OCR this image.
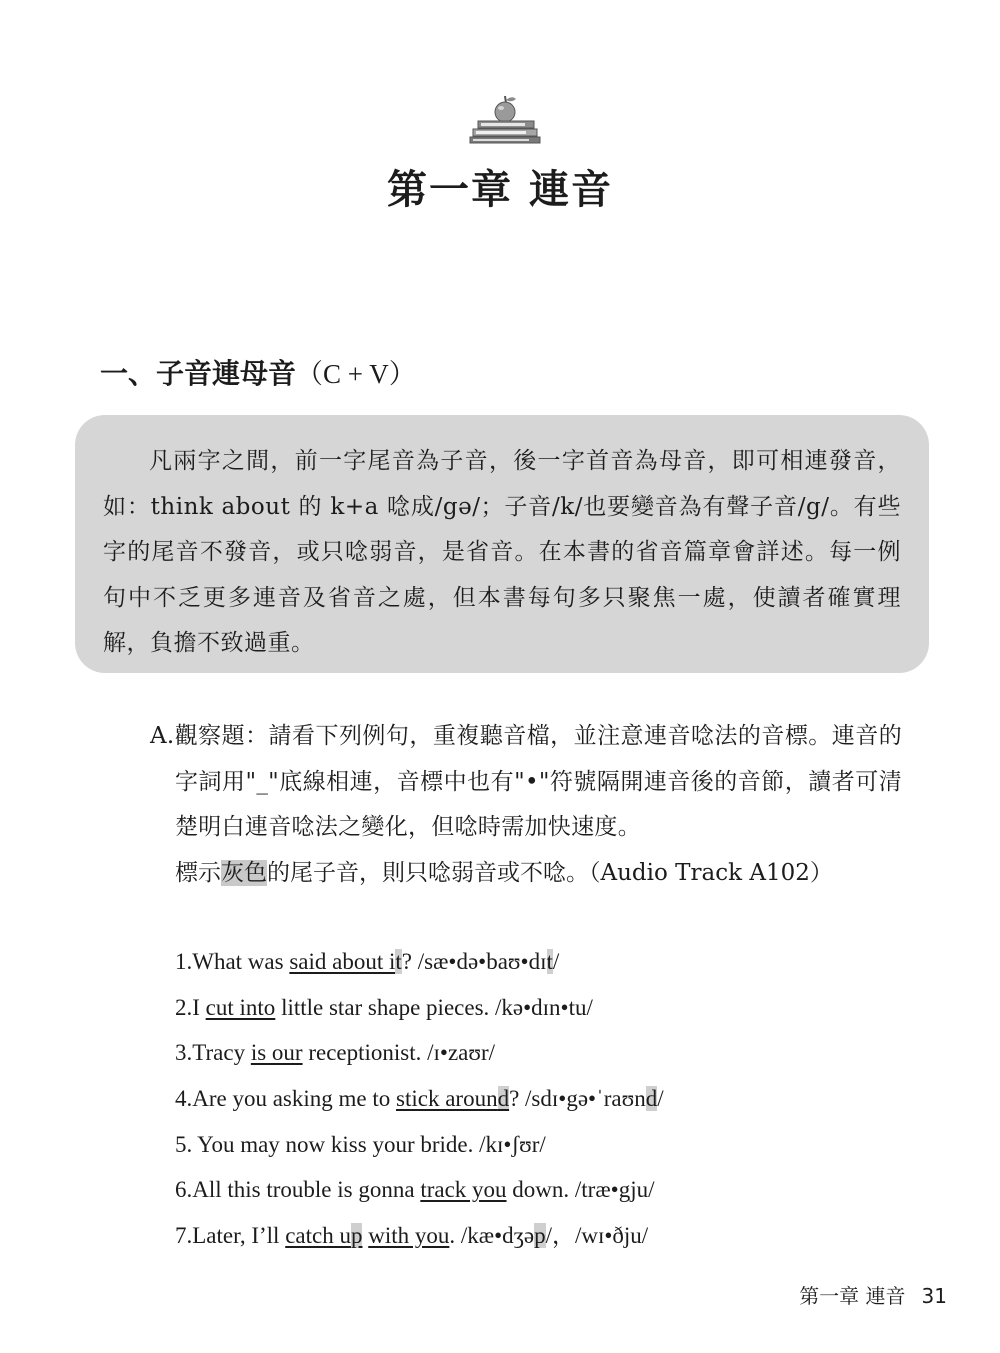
第一章 連音
一、子音連母音（C + V）

凡兩字之間，前一字尾音為子音，後一字首音為母音，即可相連發音，如：think about 的 k+a 唸成/gə/；子音/k/也要變音為有聲子音/g/。有些字的尾音不發音，或只唸弱音，是省音。在本書的省音篇章會詳述。每一例句中不乏更多連音及省音之處，但本書每句多只聚焦一處，使讀者確實理解，負擔不致過重。

A.觀察題：請看下列例句，重複聽音檔，並注意連音唸法的音標。連音的字詞用"_"底線相連，音標中也有"•"符號隔開連音後的音節，讀者可清楚明白連音唸法之變化，但唸時需加快速度。

標示灰色的尾子音，則只唸弱音或不唸。（Audio Track A102）

1.What was said about it? /sæ•də•baʊ•dɪt/
2.I cut into little star shape pieces. /kə•dɪn•tu/
3.Tracy is our receptionist. /ɪ•zaʊr/
4.Are you asking me to stick around? /sdɪ•gə•ˈraʊnd/
5. You may now kiss your bride. /kɪ•ʃʊr/
6.All this trouble is gonna track you down. /træ•gju/
7.Later, I’ll catch up with you. /kæ•dʒəp/，/wɪ•ðju/
第一章 連音 31
